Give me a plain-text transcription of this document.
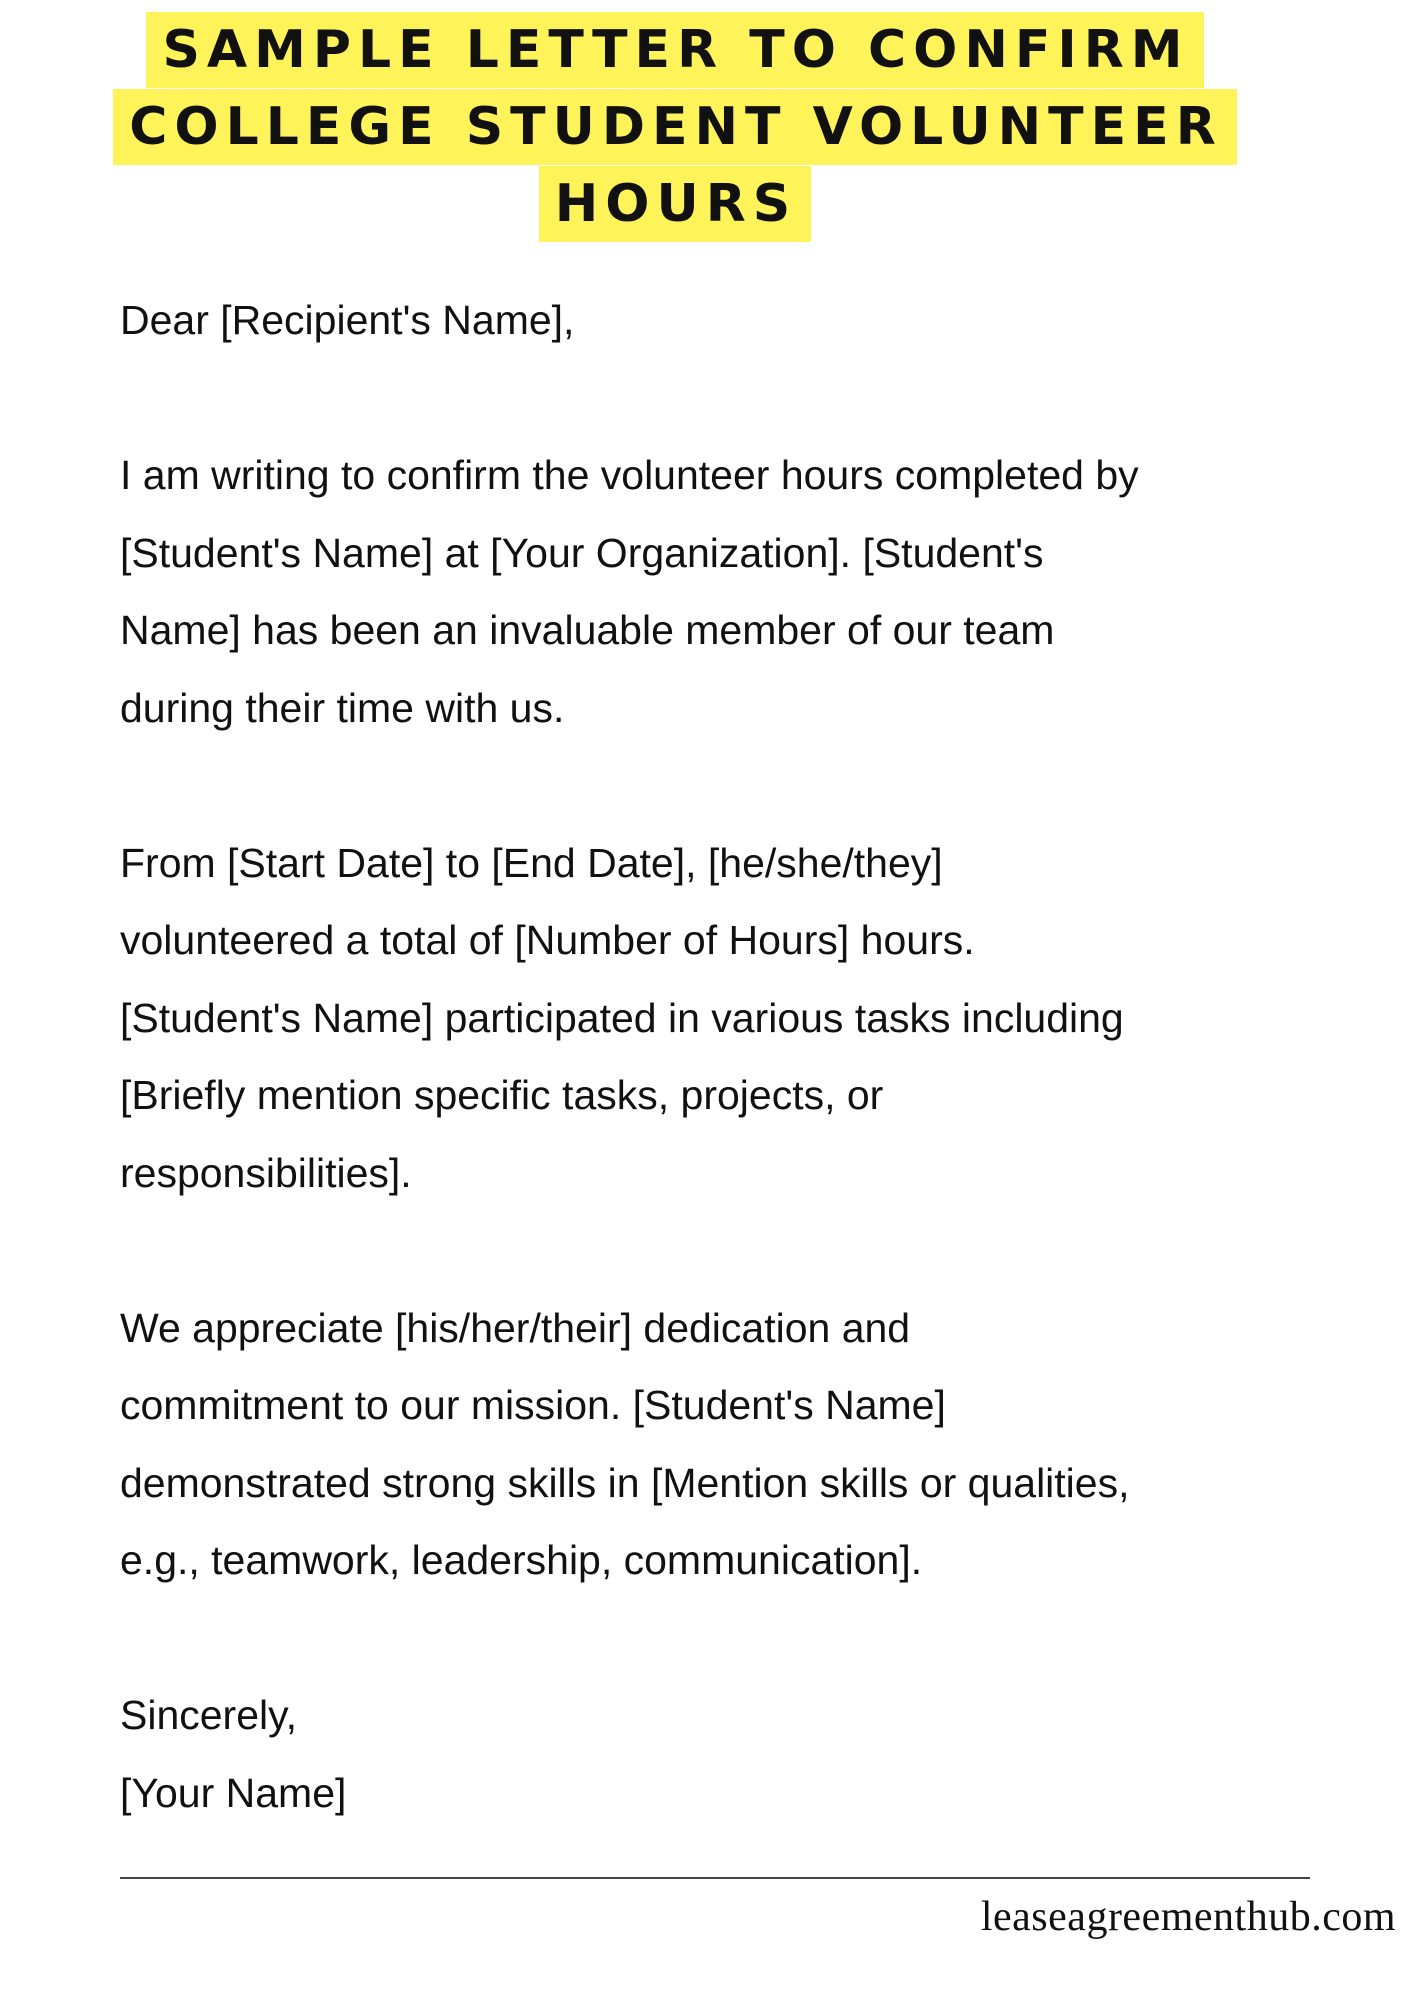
SAMPLE LETTER TO CONFIRM
COLLEGE STUDENT VOLUNTEER
HOURS
Dear [Recipient's Name],
I am writing to confirm the volunteer hours completed by
[Student's Name] at [Your Organization]. [Student's
Name] has been an invaluable member of our team
during their time with us.
From [Start Date] to [End Date], [he/she/they]
volunteered a total of [Number of Hours] hours.
[Student's Name] participated in various tasks including
[Briefly mention specific tasks, projects, or
responsibilities].
We appreciate [his/her/their] dedication and
commitment to our mission. [Student's Name]
demonstrated strong skills in [Mention skills or qualities,
e.g., teamwork, leadership, communication].
Sincerely,
[Your Name]
leaseagreementhub.com
